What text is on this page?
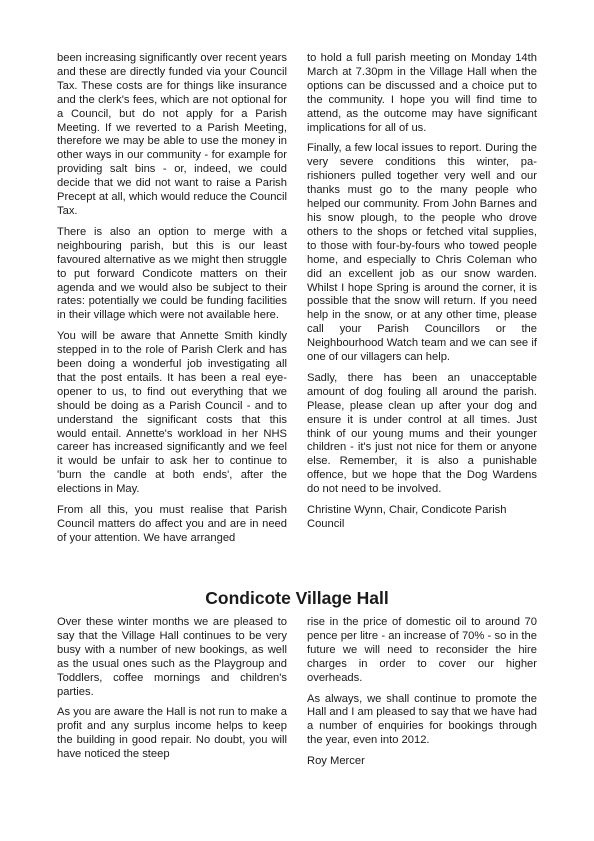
been increasing significantly over recent years and these are directly funded via your Council Tax. These costs are for things like insurance and the clerk's fees, which are not optional for a Council, but do not apply for a Parish Meeting. If we reverted to a Parish Meeting, therefore we may be able to use the money in other ways in our community - for example for providing salt bins - or, indeed, we could decide that we did not want to raise a Parish Precept at all, which would reduce the Council Tax.

There is also an option to merge with a neighbouring parish, but this is our least favoured alternative as we might then struggle to put forward Condicote matters on their agenda and we would also be subject to their rates: potentially we could be funding facilities in their village which were not available here.

You will be aware that Annette Smith kindly stepped in to the role of Parish Clerk and has been doing a wonderful job investigating all that the post entails. It has been a real eye-opener to us, to find out everything that we should be doing as a Parish Council - and to understand the significant costs that this would entail. Annette's workload in her NHS career has increased significantly and we feel it would be unfair to ask her to continue to 'burn the candle at both ends', after the elections in May.

From all this, you must realise that Parish Council matters do affect you and are in need of your attention. We have arranged

to hold a full parish meeting on Monday 14th March at 7.30pm in the Village Hall when the options can be discussed and a choice put to the community. I hope you will find time to attend, as the outcome may have significant implications for all of us.

Finally, a few local issues to report. During the very severe conditions this winter, parishioners pulled together very well and our thanks must go to the many people who helped our community. From John Barnes and his snow plough, to the people who drove others to the shops or fetched vital supplies, to those with four-by-fours who towed people home, and especially to Chris Coleman who did an excellent job as our snow warden. Whilst I hope Spring is around the corner, it is possible that the snow will return. If you need help in the snow, or at any other time, please call your Parish Councillors or the Neighbourhood Watch team and we can see if one of our villagers can help.

Sadly, there has been an unacceptable amount of dog fouling all around the parish. Please, please clean up after your dog and ensure it is under control at all times. Just think of our young mums and their younger children - it's just not nice for them or anyone else. Remember, it is also a punishable offence, but we hope that the Dog Wardens do not need to be involved.

Christine Wynn, Chair, Condicote Parish Council

Condicote Village Hall

Over these winter months we are pleased to say that the Village Hall continues to be very busy with a number of new bookings, as well as the usual ones such as the Playgroup and Toddlers, coffee mornings and children's parties.

As you are aware the Hall is not run to make a profit and any surplus income helps to keep the building in good repair. No doubt, you will have noticed the steep

rise in the price of domestic oil to around 70 pence per litre - an increase of 70% - so in the future we will need to reconsider the hire charges in order to cover our higher overheads.

As always, we shall continue to promote the Hall and I am pleased to say that we have had a number of enquiries for bookings through the year, even into 2012.

Roy Mercer
